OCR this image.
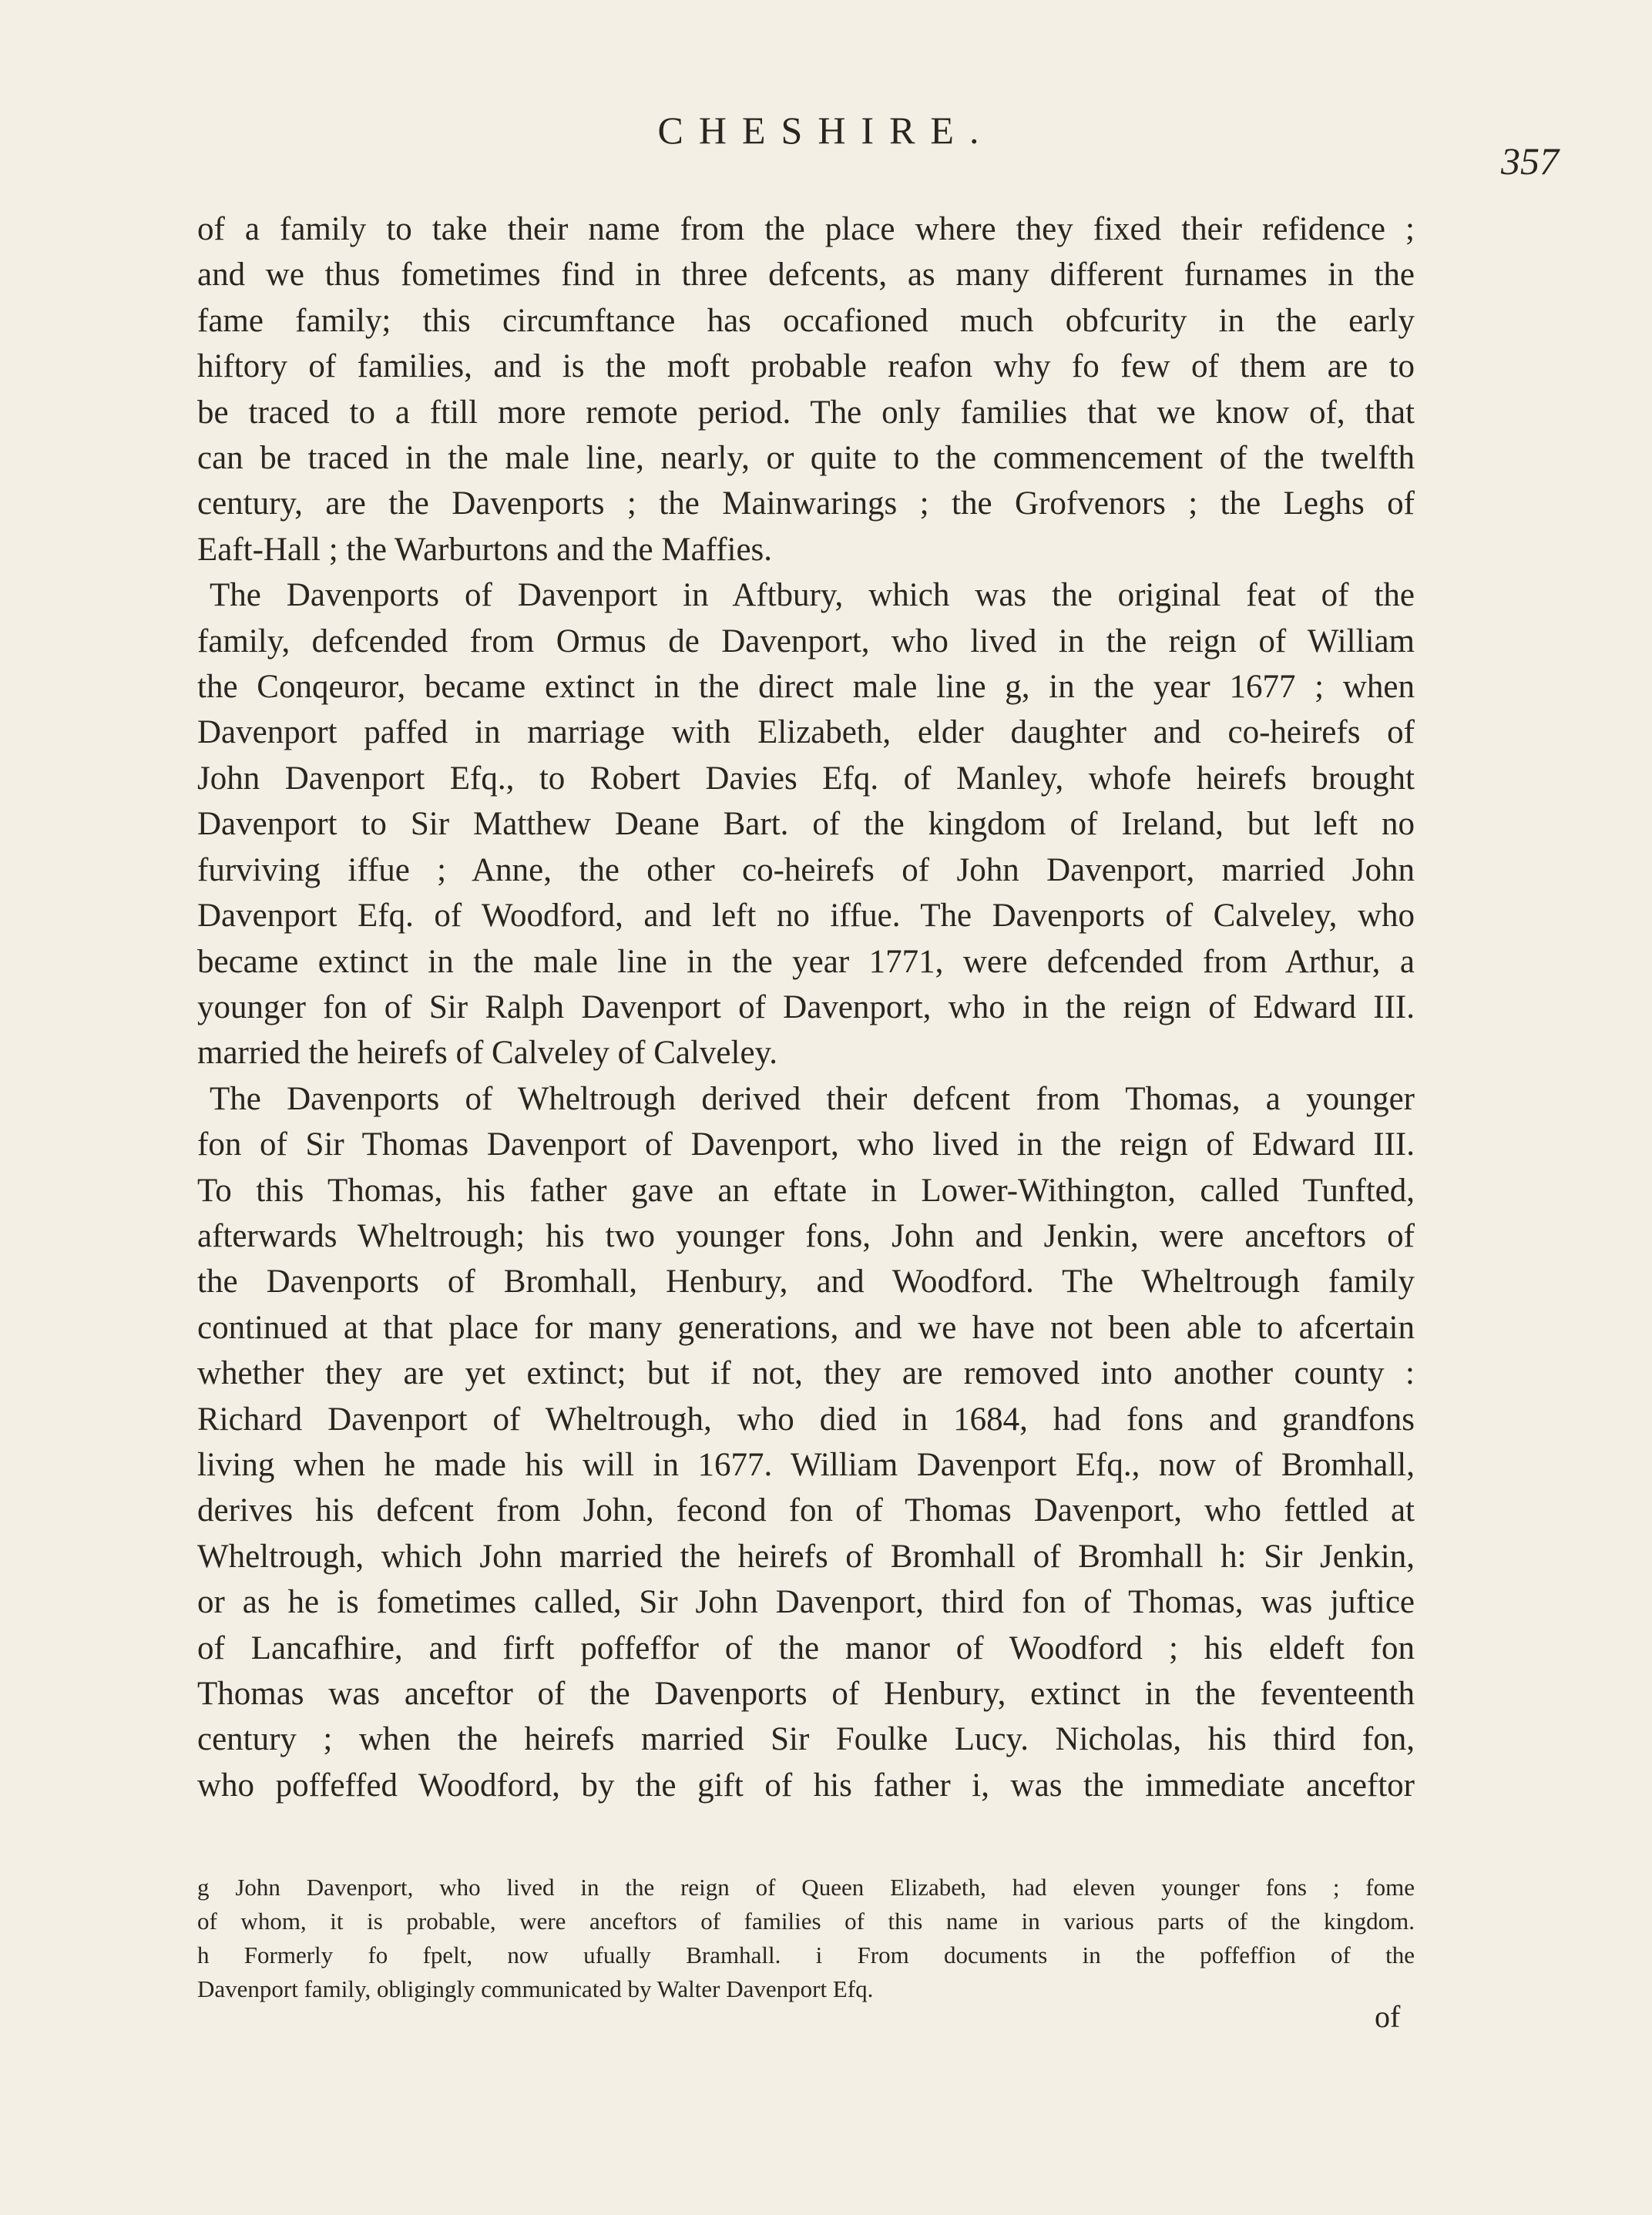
CHESHIRE.
357
of a family to take their name from the place where they fixed their refidence ;
and we thus fometimes find in three defcents, as many different furnames in the
fame family; this circumftance has occafioned much obfcurity in the early
hiftory of families, and is the moft probable reafon why fo few of them are to
be traced to a ftill more remote period. The only families that we know of, that
can be traced in the male line, nearly, or quite to the commencement of the twelfth
century, are the Davenports ; the Mainwarings ; the Grofvenors ; the Leghs of
Eaft-Hall ; the Warburtons and the Maffies.
The Davenports of Davenport in Aftbury, which was the original feat of the
family, defcended from Ormus de Davenport, who lived in the reign of William
the Conqeuror, became extinct in the direct male line g, in the year 1677 ; when
Davenport paffed in marriage with Elizabeth, elder daughter and co-heirefs of
John Davenport Efq., to Robert Davies Efq. of Manley, whofe heirefs brought
Davenport to Sir Matthew Deane Bart. of the kingdom of Ireland, but left no
furviving iffue ; Anne, the other co-heirefs of John Davenport, married John
Davenport Efq. of Woodford, and left no iffue. The Davenports of Calveley, who
became extinct in the male line in the year 1771, were defcended from Arthur, a
younger fon of Sir Ralph Davenport of Davenport, who in the reign of Edward III.
married the heirefs of Calveley of Calveley.
The Davenports of Wheltrough derived their defcent from Thomas, a younger
fon of Sir Thomas Davenport of Davenport, who lived in the reign of Edward III.
To this Thomas, his father gave an eftate in Lower-Withington, called Tunfted,
afterwards Wheltrough; his two younger fons, John and Jenkin, were anceftors of
the Davenports of Bromhall, Henbury, and Woodford. The Wheltrough family
continued at that place for many generations, and we have not been able to afcertain
whether they are yet extinct; but if not, they are removed into another county :
Richard Davenport of Wheltrough, who died in 1684, had fons and grandfons
living when he made his will in 1677. William Davenport Efq., now of Bromhall,
derives his defcent from John, fecond fon of Thomas Davenport, who fettled at
Wheltrough, which John married the heirefs of Bromhall of Bromhall h: Sir Jenkin,
or as he is fometimes called, Sir John Davenport, third fon of Thomas, was juftice
of Lancafhire, and firft poffeffor of the manor of Woodford ; his eldeft fon
Thomas was anceftor of the Davenports of Henbury, extinct in the feventeenth
century ; when the heirefs married Sir Foulke Lucy. Nicholas, his third fon,
who poffeffed Woodford, by the gift of his father i, was the immediate anceftor
g John Davenport, who lived in the reign of Queen Elizabeth, had eleven younger fons ; fome
of whom, it is probable, were anceftors of families of this name in various parts of the kingdom.
h Formerly fo fpelt, now ufually Bramhall. i From documents in the poffeffion of the
Davenport family, obligingly communicated by Walter Davenport Efq.
of
